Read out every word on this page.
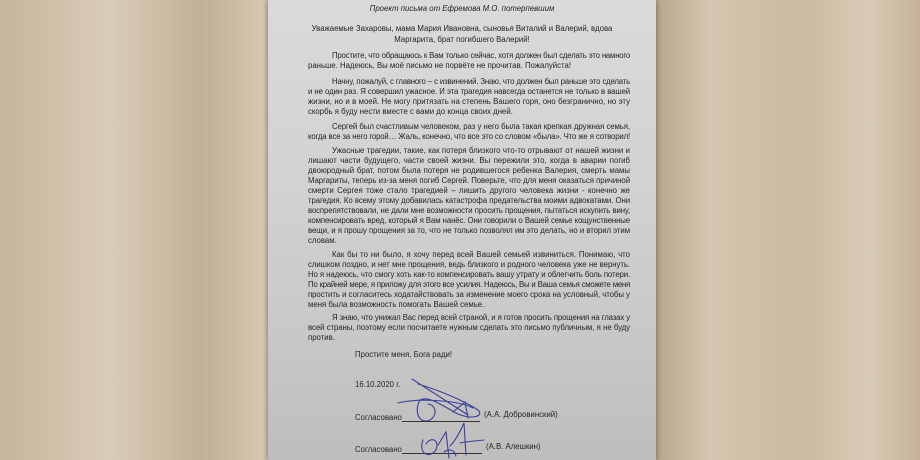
Проект письма от Ефремова М.О. потерпевшим
Уважаемые Захаровы, мама Мария Ивановна, сыновья Виталий и Валерий, вдова
Маргарита, брат погибшего Валерий!
Простите, что обращаюсь к Вам только сейчас, хотя должен был сделать это намного
раньше. Надеюсь, Вы моё письмо не порвёте не прочитав. Пожалуйста!
Начну, пожалуй, с главного – с извинений. Знаю, что должен был раньше это сделать
и не один раз. Я совершил ужасное. И эта трагедия навсегда останется не только в вашей
жизни, но и в моей. Не могу притязать на степень Вашего горя, оно безгранично, но эту
скорбь я буду нести вместе с вами до конца своих дней.
Сергей был счастливым человеком, раз у него была такая крепкая дружная семья,
когда все за него горой… Жаль, конечно, что все это со словом «была». Что же я сотворил!
Ужасные трагедии, такие, как потеря близкого что-то отрывают от нашей жизни и
лишают части будущего, части своей жизни. Вы пережили это, когда в аварии погиб
двоюродный брат, потом была потеря не родившегося ребенка Валерия, смерть мамы
Маргариты, теперь из-за меня погиб Сергей. Поверьте, что для меня оказаться причиной
смерти Сергея тоже стало трагедией – лишить другого человека жизни - конечно же
трагедия. Ко всему этому добавилась катастрофа предательства моими адвокатами. Они
воспрепятствовали, не дали мне возможности просить прощения, пытаться искупить вину,
компенсировать вред, который я Вам нанёс. Они говорили о Вашей семье кощунственные
вещи, и я прошу прощения за то, что не только позволял им это делать, но и вторил этим
словам.
Как бы то ни было, я хочу перед всей Вашей семьей извиниться. Понимаю, что
слишком поздно, и нет мне прощения, ведь близкого и родного человека уже не вернуть.
Но я надеюсь, что смогу хоть как-то компенсировать вашу утрату и облегчить боль потери.
По крайней мере, я приложу для этого все усилия. Надеюсь, Вы и Ваша семья сможете меня
простить и согласитесь ходатайствовать за изменение моего срока на условный, чтобы у
меня была возможность помогать Вашей семье.
Я знаю, что унижал Вас перед всей страной, и я готов просить прощения на глазах у
всей страны, поэтому если посчитаете нужным сделать это письмо публичным, я не буду
против.
Простите меня, Бога ради!
16.10.2020 г.
Согласовано	(А.А. Добровинский)
Согласовано	(А.В. Алешкин)
